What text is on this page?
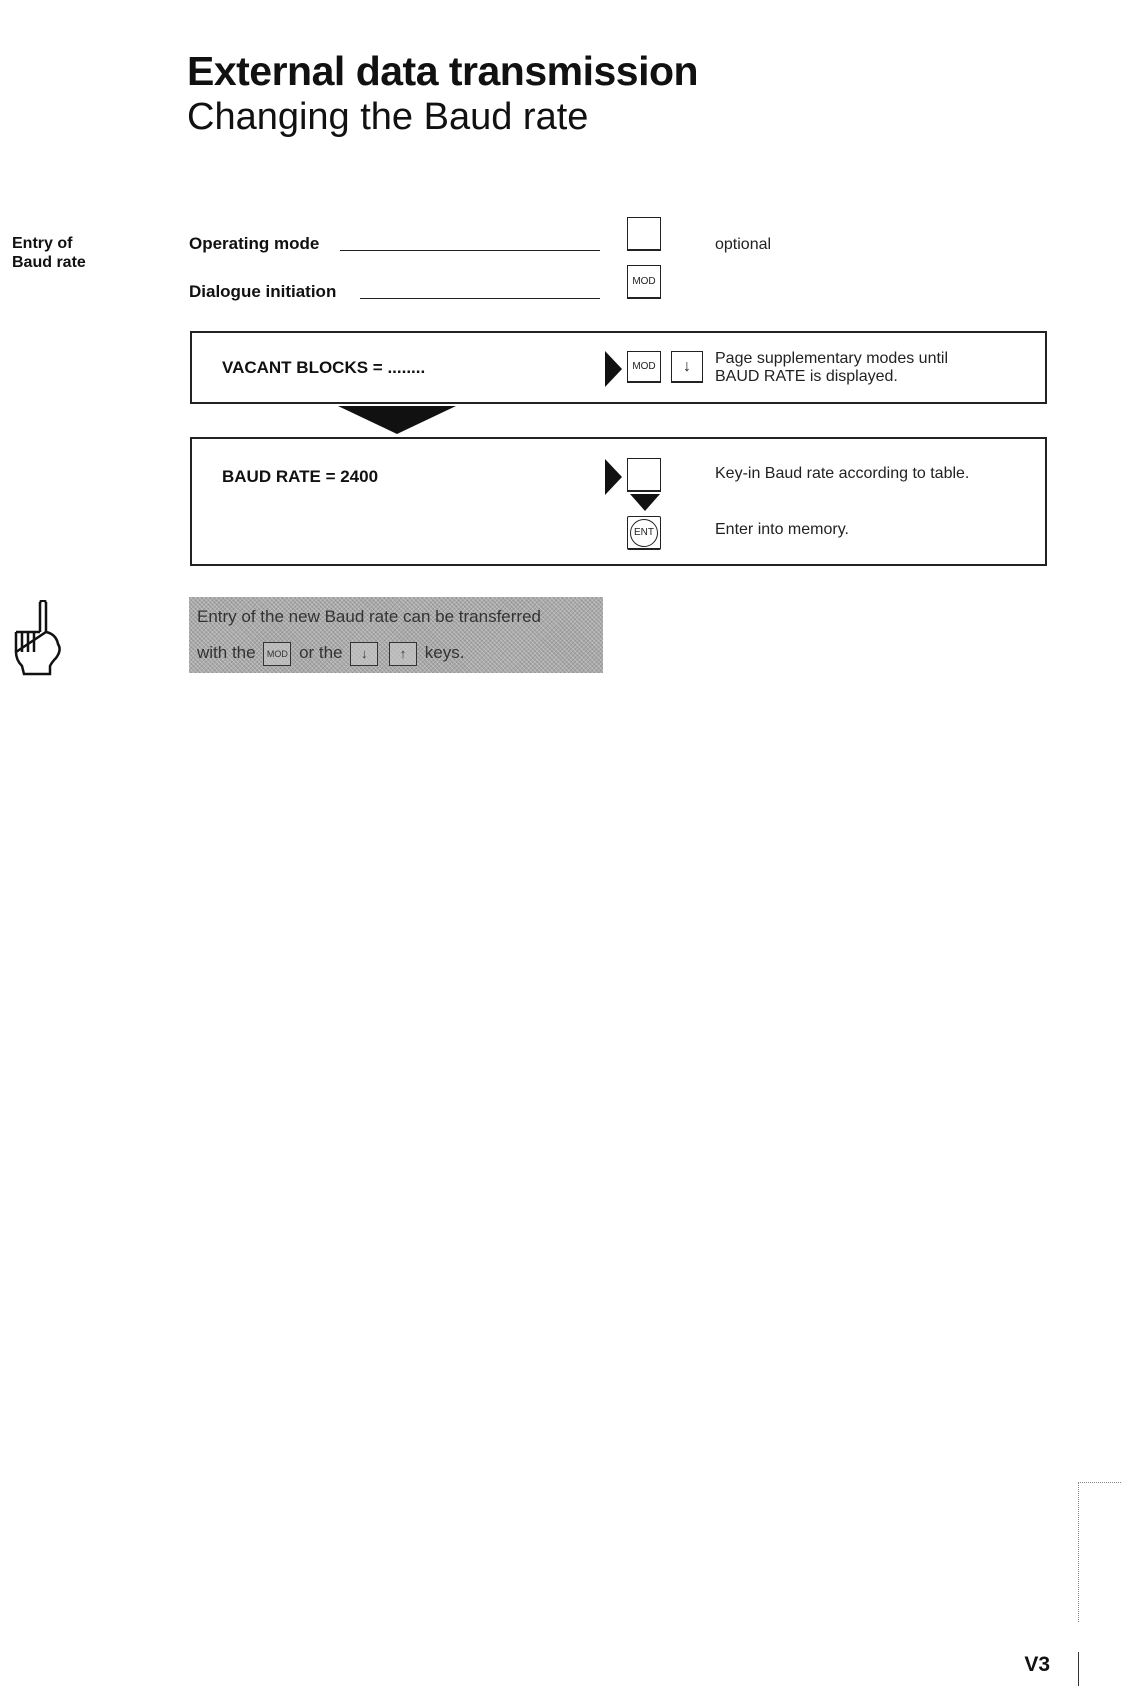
External data transmission
Changing the Baud rate
Entry of
Baud rate
Operating mode	optional
Dialogue initiation
MOD
VACANT BLOCKS = ........	MOD	↓	Page supplementary modes until
BAUD RATE is displayed.
BAUD RATE = 2400
ENT
Key-in Baud rate according to table.
Enter into memory.
Entry of the new Baud rate can be transferred
with the MOD or the ↓ ↑ keys.
V3
